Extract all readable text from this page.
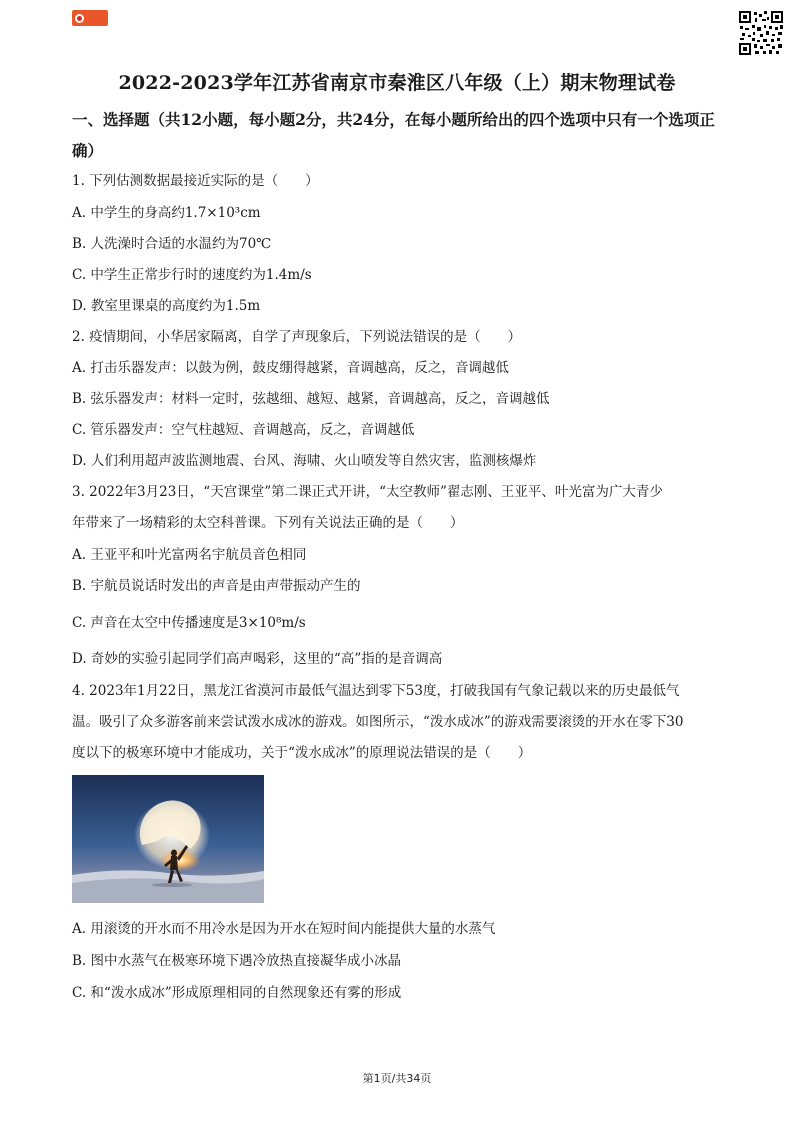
2022-2023学年江苏省南京市秦淮区八年级（上）期末物理试卷

一、选择题（共12小题，每小题2分，共24分，在每小题所给出的四个选项中只有一个选项正确）

1. 下列估测数据最接近实际的是（　　）
A. 中学生的身高约1.7×10³cm
B. 人洗澡时合适的水温约为70℃
C. 中学生正常步行时的速度约为1.4m/s
D. 教室里课桌的高度约为1.5m
2. 疫情期间，小华居家隔离，自学了声现象后，下列说法错误的是（　　）
A. 打击乐器发声：以鼓为例，鼓皮绷得越紧，音调越高，反之，音调越低
B. 弦乐器发声：材料一定时，弦越细、越短、越紧，音调越高，反之，音调越低
C. 管乐器发声：空气柱越短、音调越高，反之，音调越低
D. 人们利用超声波监测地震、台风、海啸、火山喷发等自然灾害，监测核爆炸
3. 2022年3月23日，“天宫课堂”第二课正式开讲，“太空教师”翟志刚、王亚平、叶光富为广大青少
年带来了一场精彩的太空科普课。下列有关说法正确的是（　　）
A. 王亚平和叶光富两名宇航员音色相同
B. 宇航员说话时发出的声音是由声带振动产生的
C. 声音在太空中传播速度是3×10⁸m/s
D. 奇妙的实验引起同学们高声喝彩，这里的“高”指的是音调高
4. 2023年1月22日，黑龙江省漠河市最低气温达到零下53度，打破我国有气象记载以来的历史最低气
温。吸引了众多游客前来尝试泼水成冰的游戏。如图所示，“泼水成冰”的游戏需要滚烫的开水在零下30
度以下的极寒环境中才能成功，关于“泼水成冰”的原理说法错误的是（　　）
A. 用滚烫的开水而不用冷水是因为开水在短时间内能提供大量的水蒸气
B. 图中水蒸气在极寒环境下遇冷放热直接凝华成小冰晶
C. 和“泼水成冰”形成原理相同的自然现象还有雾的形成
第1页/共34页
